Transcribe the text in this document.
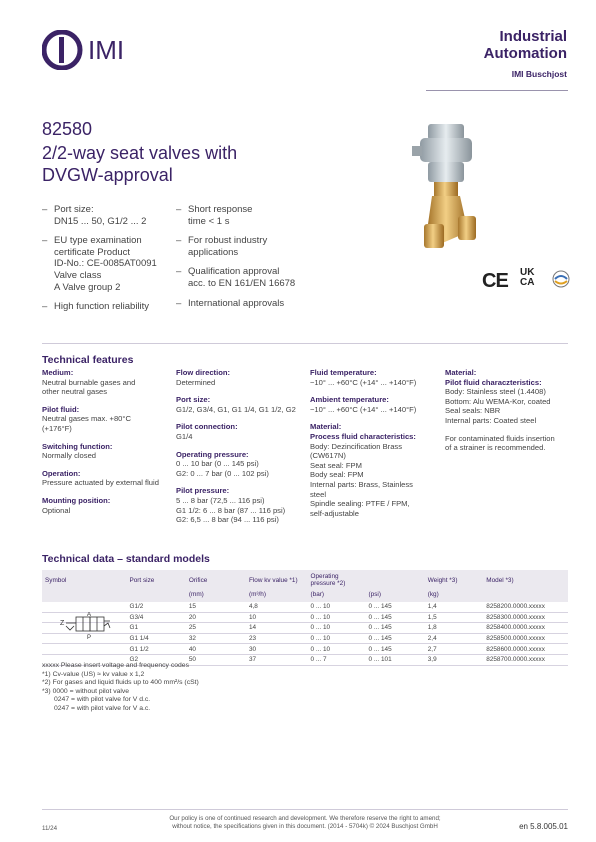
IMI	Industrial
Automation
IMI Buschjost
82580
2/2-way seat valves with
DVGW-approval
– Port size:
DN15 ... 50, G1/2 ... 2
– EU type examination
certificate Product
ID-No.: CE-0085AT0091
Valve class
A Valve group 2
– High function reliability
– Short response
time < 1 s
– For robust industry
applications
– Qualification approval
acc. to EN 161/EN 16678
– International approvals
CE UK
CA
Technical features
Medium:
Neutral burnable gases and
other neutral gases
Pilot fluid:
Neutral gases max. +80°C
(+176°F)
Switching function:
Normally closed
Operation:
Pressure actuated by external fluid
Mounting position:
Optional
Flow direction:
Determined
Port size:
G1/2, G3/4, G1, G1 1/4, G1 1/2, G2
Pilot connection:
G1/4
Operating pressure:
0 ... 10 bar (0 ... 145 psi)
G2: 0 ... 7 bar (0 ... 102 psi)
Pilot pressure:
5 ... 8 bar (72,5 ... 116 psi)
G1 1/2: 6 ... 8 bar (87 ... 116 psi)
G2: 6,5 ... 8 bar (94 ... 116 psi)
Fluid temperature:
−10° ... +60°C (+14° ... +140°F)
Ambient temperature:
−10° ... +60°C (+14° ... +140°F)
Material:
Process fluid characteristics:
Body: Dezincification Brass
(CW617N)
Seat seal: FPM
Body seal: FPM
Internal parts: Brass, Stainless
steel
Spindle sealing: PTFE / FPM,
self-adjustable
Material:
Pilot fluid characzteristics:
Body: Stainless steel (1.4408)
Bottom: Alu WEMA-Kor, coated
Seal seals: NBR
Internal parts: Coated steel
For contaminated fluids insertion
of a strainer is recommended.
Technical data – standard models
Symbol	Port size	Orifice	Flow kv value *1)	Operating pressure *2)		Weight *3)	Model *3)
		(mm)	(m³/h)	(bar)	(psi)	(kg)	
	G1/2	15	4,8	0 ... 10	0 ... 145	1,4	8258200.0000.xxxxx
	G3/4	20	10	0 ... 10	0 ... 145	1,5	8258300.0000.xxxxx
	G1	25	14	0 ... 10	0 ... 145	1,8	8258400.0000.xxxxx
	G1 1/4	32	23	0 ... 10	0 ... 145	2,4	8258500.0000.xxxxx
	G1 1/2	40	30	0 ... 10	0 ... 145	2,7	8258600.0000.xxxxx
	G2	50	37	0 ... 7	0 ... 101	3,9	8258700.0000.xxxxx
Z
A
P
xxxxx Please insert voltage and frequency codes
*1) Cv-value (US) ≈ kv value x 1,2
*2) For gases and liquid fluids up to 400 mm²/s (cSt)
*3) 0000 = without pilot valve
0247 = with pilot valve for V d.c.
0247 = with pilot valve for V a.c.
11/24
Our policy is one of continued research and development. We therefore reserve the right to amend;
without notice, the specifications given in this document. (2014 - 5704k) © 2024 Buschjost GmbH	en 5.8.005.01
